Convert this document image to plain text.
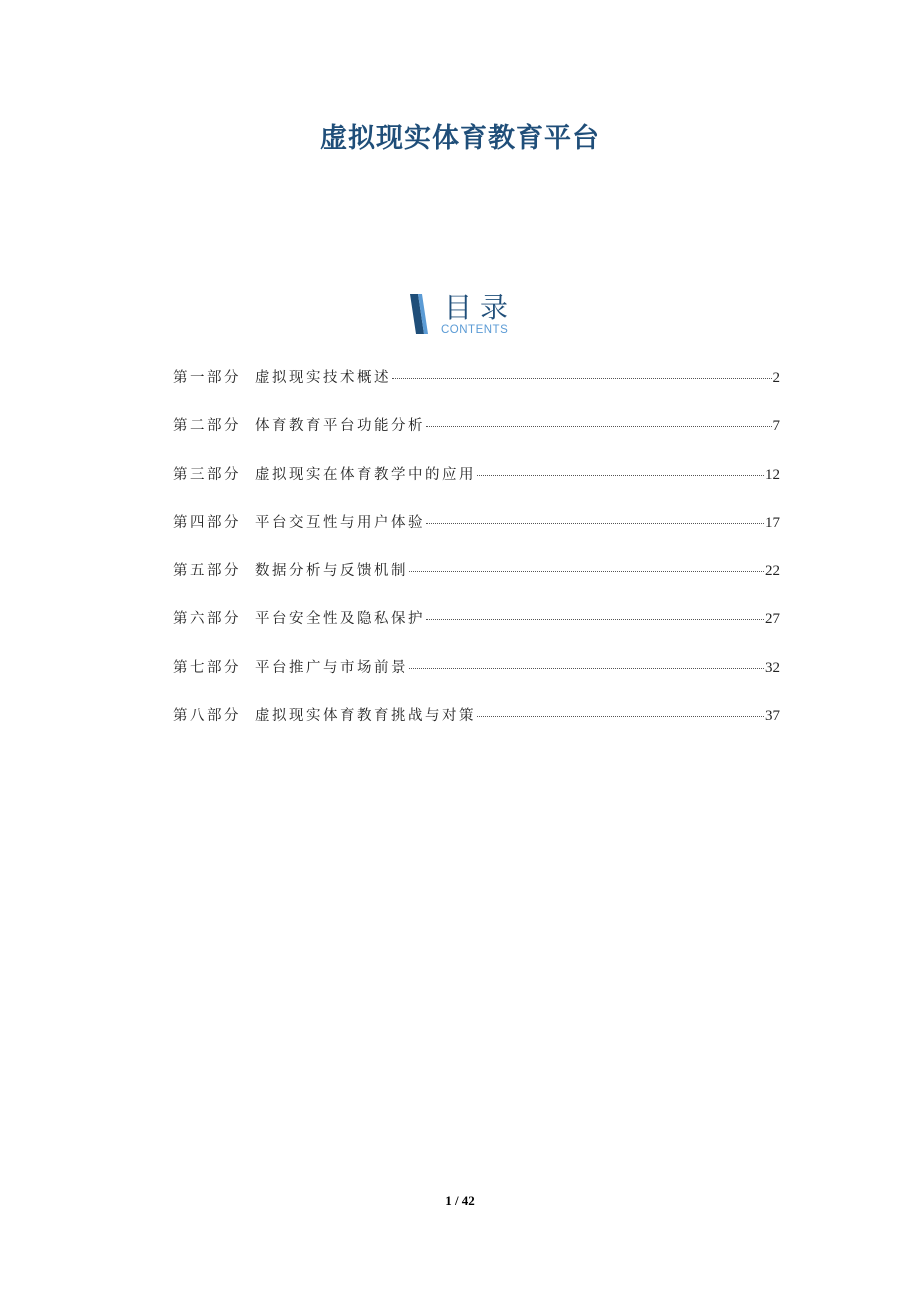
虚拟现实体育教育平台
目录
CONTENTS
第一部分 虚拟现实技术概述	2
第二部分 体育教育平台功能分析	7
第三部分 虚拟现实在体育教学中的应用	12
第四部分 平台交互性与用户体验	17
第五部分 数据分析与反馈机制	22
第六部分 平台安全性及隐私保护	27
第七部分 平台推广与市场前景	32
第八部分 虚拟现实体育教育挑战与对策	37
1 / 42
